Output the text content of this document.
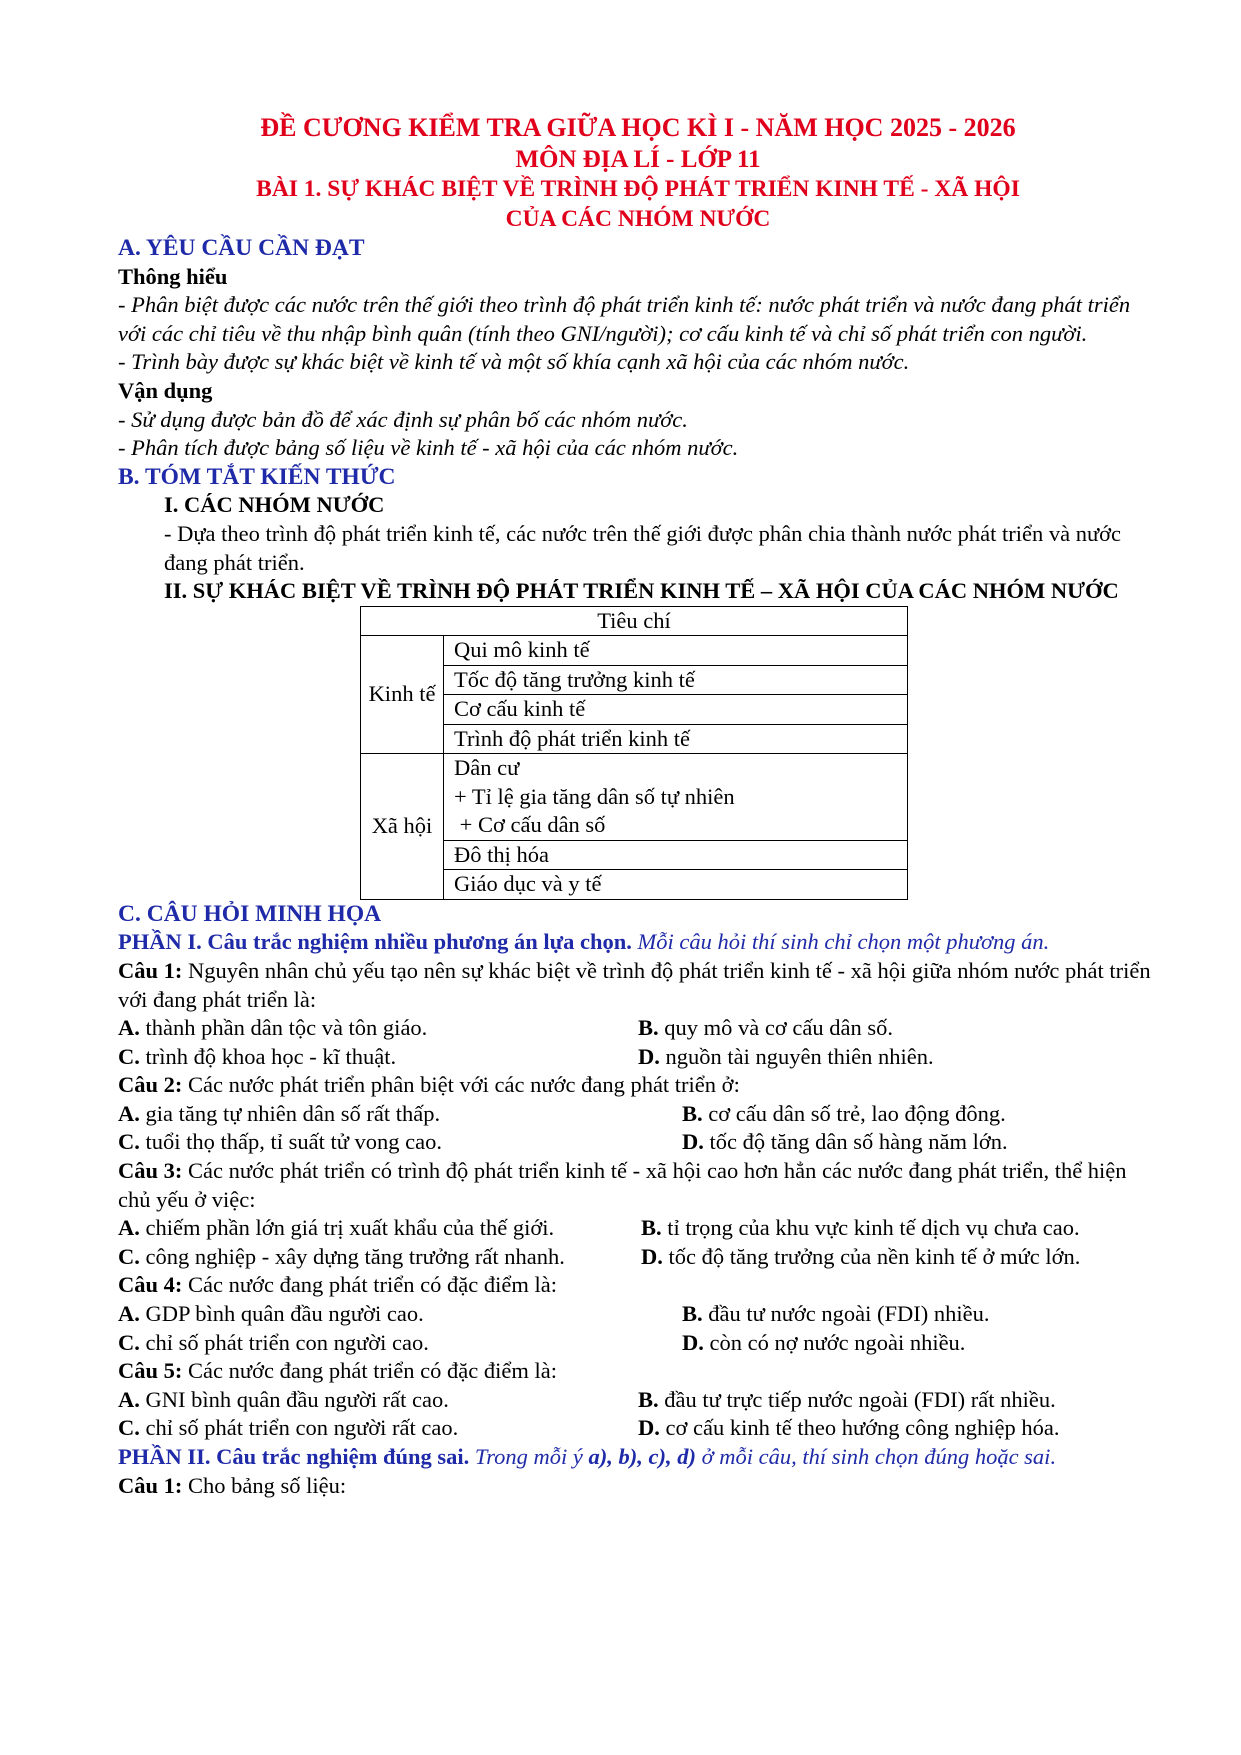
ĐỀ CƯƠNG KIỂM TRA GIỮA HỌC KÌ I - NĂM HỌC 2025 - 2026

MÔN ĐỊA LÍ - LỚP 11

BÀI 1. SỰ KHÁC BIỆT VỀ TRÌNH ĐỘ PHÁT TRIỂN KINH TẾ - XÃ HỘI

CỦA CÁC NHÓM NƯỚC

A. YÊU CẦU CẦN ĐẠT

Thông hiểu

- Phân biệt được các nước trên thế giới theo trình độ phát triển kinh tế: nước phát triển và nước đang phát triển với các chỉ tiêu về thu nhập bình quân (tính theo GNI/người); cơ cấu kinh tế và chỉ số phát triển con người.

- Trình bày được sự khác biệt về kinh tế và một số khía cạnh xã hội của các nhóm nước.

Vận dụng

- Sử dụng được bản đồ để xác định sự phân bố các nhóm nước.

- Phân tích được bảng số liệu về kinh tế - xã hội của các nhóm nước.

B. TÓM TẮT KIẾN THỨC

I. CÁC NHÓM NƯỚC

- Dựa theo trình độ phát triển kinh tế, các nước trên thế giới được phân chia thành nước phát triển và nước đang phát triển.

II. SỰ KHÁC BIỆT VỀ TRÌNH ĐỘ PHÁT TRIỂN KINH TẾ – XÃ HỘI CỦA CÁC NHÓM NƯỚC

Tiêu chí	
Kinh tế	Qui mô kinh tế
	Tốc độ tăng trưởng kinh tế
	Cơ cấu kinh tế
	Trình độ phát triển kinh tế
Xã hội	Dân cư
+ Tỉ lệ gia tăng dân số tự nhiên
+ Cơ cấu dân số

	Đô thị hóa
	Giáo dục và y tế

C. CÂU HỎI MINH HỌA

PHẦN I. Câu trắc nghiệm nhiều phương án lựa chọn. Mỗi câu hỏi thí sinh chỉ chọn một phương án.

Câu 1: Nguyên nhân chủ yếu tạo nên sự khác biệt về trình độ phát triển kinh tế - xã hội giữa nhóm nước phát triển với đang phát triển là:

A. thành phần dân tộc và tôn giáo.	B. quy mô và cơ cấu dân số.
C. trình độ khoa học - kĩ thuật.	D. nguồn tài nguyên thiên nhiên.

Câu 2: Các nước phát triển phân biệt với các nước đang phát triển ở:

A. gia tăng tự nhiên dân số rất thấp.	B. cơ cấu dân số trẻ, lao động đông.
C. tuổi thọ thấp, tỉ suất tử vong cao.	D. tốc độ tăng dân số hàng năm lớn.

Câu 3: Các nước phát triển có trình độ phát triển kinh tế - xã hội cao hơn hẳn các nước đang phát triển, thể hiện chủ yếu ở việc:

A. chiếm phần lớn giá trị xuất khẩu của thế giới.	B. tỉ trọng của khu vực kinh tế dịch vụ chưa cao.
C. công nghiệp - xây dựng tăng trưởng rất nhanh.	D. tốc độ tăng trưởng của nền kinh tế ở mức lớn.

Câu 4: Các nước đang phát triển có đặc điểm là:

A. GDP bình quân đầu người cao.	B. đầu tư nước ngoài (FDI) nhiều.
C. chỉ số phát triển con người cao.	D. còn có nợ nước ngoài nhiều.

Câu 5: Các nước đang phát triển có đặc điểm là:

A. GNI bình quân đầu người rất cao.	B. đầu tư trực tiếp nước ngoài (FDI) rất nhiều.
C. chỉ số phát triển con người rất cao.	D. cơ cấu kinh tế theo hướng công nghiệp hóa.

PHẦN II. Câu trắc nghiệm đúng sai. Trong mỗi ý a), b), c), d) ở mỗi câu, thí sinh chọn đúng hoặc sai.

Câu 1: Cho bảng số liệu:
